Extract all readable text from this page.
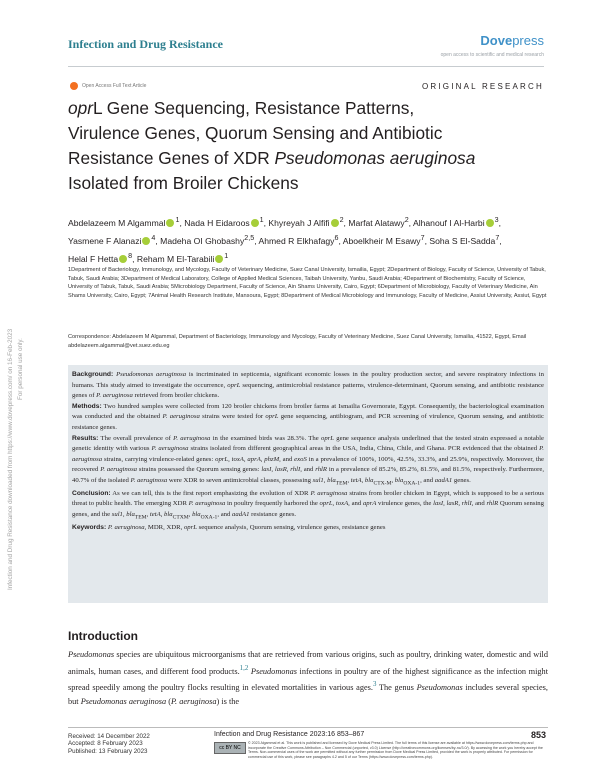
Infection and Drug Resistance	Dovepress
open access to scientific and medical research
Open Access Full Text Article	ORIGINAL RESEARCH
oprL Gene Sequencing, Resistance Patterns,
Virulence Genes, Quorum Sensing and Antibiotic
Resistance Genes of XDR Pseudomonas aeruginosa
Isolated from Broiler Chickens
Abdelazeem M Algammal $^1$, Nada H Eidaroos $^1$, Khyreyah J Alfifi $^2$, Marfat Alatawy$^2$, Alhanouf I Al-Harbi $^3$,
Yasmene F Alanazi $^4$, Madeha OI Ghobashy$^{2,5}$, Ahmed R Elkhafagy$^6$, Aboelkheir M Esawy$^7$, Soha S El-Sadda$^7$,
Helal F Hetta $^8$, Reham M El-Tarabili $^1$
1Department of Bacteriology, Immunology, and Mycology, Faculty of Veterinary Medicine, Suez Canal University, Ismailia, Egypt; 2Department of Biology, Faculty of Science, University of Tabuk, Tabuk, Saudi Arabia; 3Department of Medical Laboratory, College of Applied Medical Sciences, Taibah University, Yanbu, Saudi Arabia; 4Department of Biochemistry, Faculty of Science, University of Tabuk, Tabuk, Saudi Arabia; 5Microbiology Department, Faculty of Science, Ain Shams University, Cairo, Egypt; 6Department of Microbiology, Faculty of Veterinary Medicine, Ain Shams University, Cairo, Egypt; 7Animal Health Research Institute, Mansoura, Egypt; 8Department of Medical Microbiology and Immunology, Faculty of Medicine, Assiut University, Assiut, Egypt
Correspondence: Abdelazeem M Algammal, Department of Bacteriology, Immunology and Mycology, Faculty of Veterinary Medicine, Suez Canal University, Ismailia, 41522, Egypt, Email abdelazeem.algammal@vet.suez.edu.eg

Background: Pseudomonas aeruginosa is incriminated in septicemia, significant economic losses in the poultry production sector, and severe respiratory infections in humans. This study aimed to investigate the occurrence, oprL sequencing, antimicrobial resistance patterns, virulence-determinant, Quorum sensing, and antibiotic resistance genes of P. aeruginosa retrieved from broiler chickens.

Methods: Two hundred samples were collected from 120 broiler chickens from broiler farms at Ismailia Governorate, Egypt. Consequently, the bacteriological examination was conducted and the obtained P. aeruginosa strains were tested for oprL gene sequencing, antibiogram, and PCR screening of virulence, Quorum sensing, and antibiotic resistance genes.

Results: The overall prevalence of P. aeruginosa in the examined birds was 28.3%. The oprL gene sequence analysis underlined that the tested strain expressed a notable genetic identity with various P. aeruginosa strains isolated from different geographical areas in the USA, India, China, Chile, and Ghana. PCR evidenced that the obtained P. aeruginosa strains, carrying virulence-related genes: oprL, toxA, aprA, phzM, and exoS in a prevalence of 100%, 100%, 42.5%, 33.3%, and 25.9%, respectively. Moreover, the recovered P. aeruginosa strains possessed the Quorum sensing genes: lasI, lasR, rhlI, and rhlR in a prevalence of 85.2%, 85.2%, 81.5%, and 81.5%, respectively. Furthermore, 40.7% of the isolated P. aeruginosa were XDR to seven antimicrobial classes, possessing sul1, bla$_{TEM}$, tetA, bla$_{CTX-M}$, bla$_{OXA-1}$, and aadA1 genes.

Conclusion: As we can tell, this is the first report emphasizing the evolution of XDR P. aeruginosa strains from broiler chicken in Egypt, which is supposed to be a serious threat to public health. The emerging XDR P. aeruginosa in poultry frequently harbored the oprL, toxA, and aprA virulence genes, the lasI, lasR, rhlI, and rhlR Quorum sensing genes, and the sul1, bla$_{TEM}$, tetA, bla$_{CTXM}$, bla$_{OXA-1}$, and aadA1 resistance genes.

Keywords: P. aeruginosa, MDR, XDR, oprL sequence analysis, Quorum sensing, virulence genes, resistance genes

Introduction

Pseudomonas species are ubiquitous microorganisms that are retrieved from various origins, such as poultry, drinking water, domestic and wild animals, human cases, and different food products.$^{1,2}$ Pseudomonas infections in poultry are of the highest significance as the infection might spread speedily among the poultry flocks resulting in elevated mortalities in various ages.$^3$ The genus Pseudomonas includes several species, but Pseudomonas aeruginosa (P. aeruginosa) is the

Received: 14 December 2022
Accepted: 8 February 2023
Published: 13 February 2023
Infection and Drug Resistance 2023:16 853–867	853
cc BY NC
© 2023 Algammal et al. This work is published and licensed by Dove Medical Press Limited. The full terms of this license are available at https://www.dovepress.com/terms.php and incorporate the Creative Commons Attribution – Non Commercial (unported, v3.0) License (http://creativecommons.org/licenses/by-nc/3.0/). By accessing the work you hereby accept the Terms. Non-commercial uses of the work are permitted without any further permission from Dove Medical Press Limited, provided the work is properly attributed. For permission for commercial use of this work, please see paragraphs 4.2 and 5 of our Terms (https://www.dovepress.com/terms.php).
Infection and Drug Resistance downloaded from https://www.dovepress.com/ on 16-Feb-2023 For personal use only.
